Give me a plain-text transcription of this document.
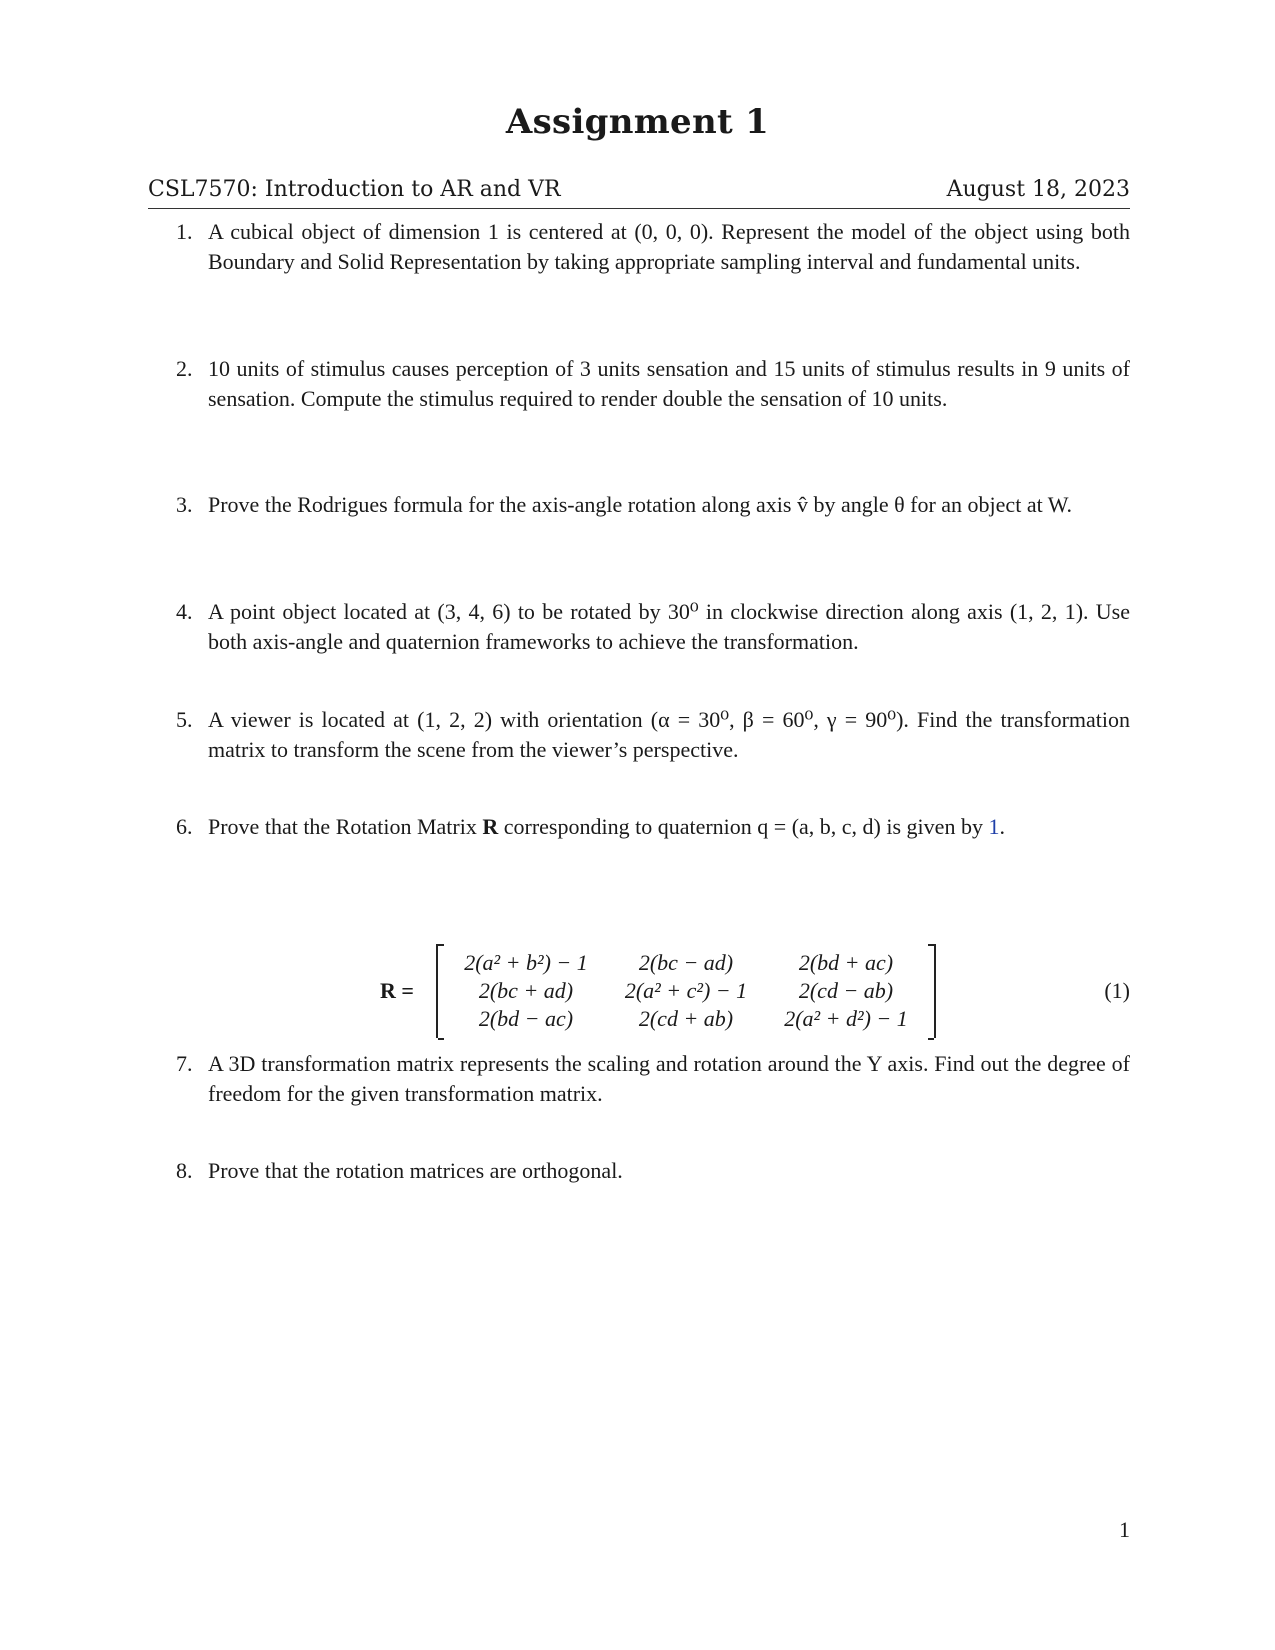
Assignment 1
CSL7570: Introduction to AR and VR	August 18, 2023
1. A cubical object of dimension 1 is centered at (0, 0, 0). Represent the model of the object using both Boundary and Solid Representation by taking appropriate sampling interval and fundamental units.
2. 10 units of stimulus causes perception of 3 units sensation and 15 units of stimulus results in 9 units of sensation. Compute the stimulus required to render double the sensation of 10 units.
3. Prove the Rodrigues formula for the axis-angle rotation along axis v̂ by angle θ for an object at W.
4. A point object located at (3, 4, 6) to be rotated by 30⁰ in clockwise direction along axis (1, 2, 1). Use both axis-angle and quaternion frameworks to achieve the transformation.
5. A viewer is located at (1, 2, 2) with orientation (α = 30⁰, β = 60⁰, γ = 90⁰). Find the transformation matrix to transform the scene from the viewer’s perspective.
6. Prove that the Rotation Matrix R corresponding to quaternion q = (a, b, c, d) is given by 1.
R =
2(a² + b²) − 1	2(bc − ad)	2(bd + ac)
2(bc + ad)	2(a² + c²) − 1	2(cd − ab)
2(bd − ac)	2(cd + ab)	2(a² + d²) − 1
(1)
7. A 3D transformation matrix represents the scaling and rotation around the Y axis. Find out the degree of freedom for the given transformation matrix.
8. Prove that the rotation matrices are orthogonal.
1
